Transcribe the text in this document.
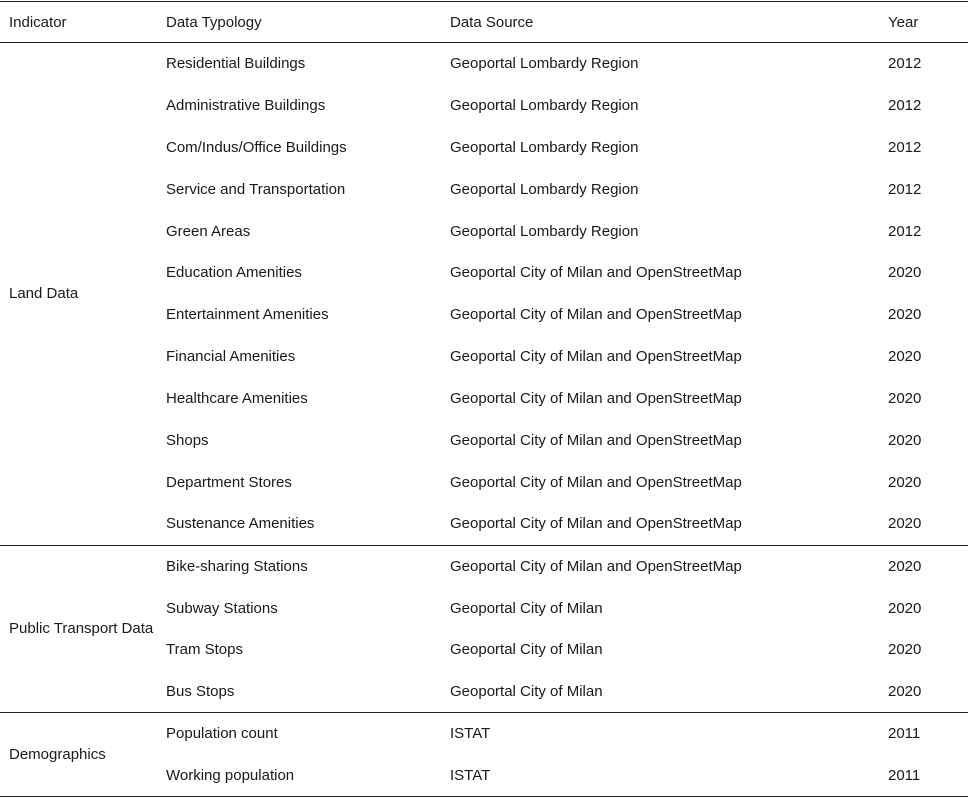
Indicator	Data Typology	Data Source	Year
Land Data	Residential Buildings	Geoportal Lombardy Region	2012
	Administrative Buildings	Geoportal Lombardy Region	2012
	Com/Indus/Office Buildings	Geoportal Lombardy Region	2012
	Service and Transportation	Geoportal Lombardy Region	2012
	Green Areas	Geoportal Lombardy Region	2012
	Education Amenities	Geoportal City of Milan and OpenStreetMap	2020
	Entertainment Amenities	Geoportal City of Milan and OpenStreetMap	2020
	Financial Amenities	Geoportal City of Milan and OpenStreetMap	2020
	Healthcare Amenities	Geoportal City of Milan and OpenStreetMap	2020
	Shops	Geoportal City of Milan and OpenStreetMap	2020
	Department Stores	Geoportal City of Milan and OpenStreetMap	2020
	Sustenance Amenities	Geoportal City of Milan and OpenStreetMap	2020
Public Transport Data	Bike-sharing Stations	Geoportal City of Milan and OpenStreetMap	2020
	Subway Stations	Geoportal City of Milan	2020
	Tram Stops	Geoportal City of Milan	2020
	Bus Stops	Geoportal City of Milan	2020
Demographics	Population count	ISTAT	2011
	Working population	ISTAT	2011
